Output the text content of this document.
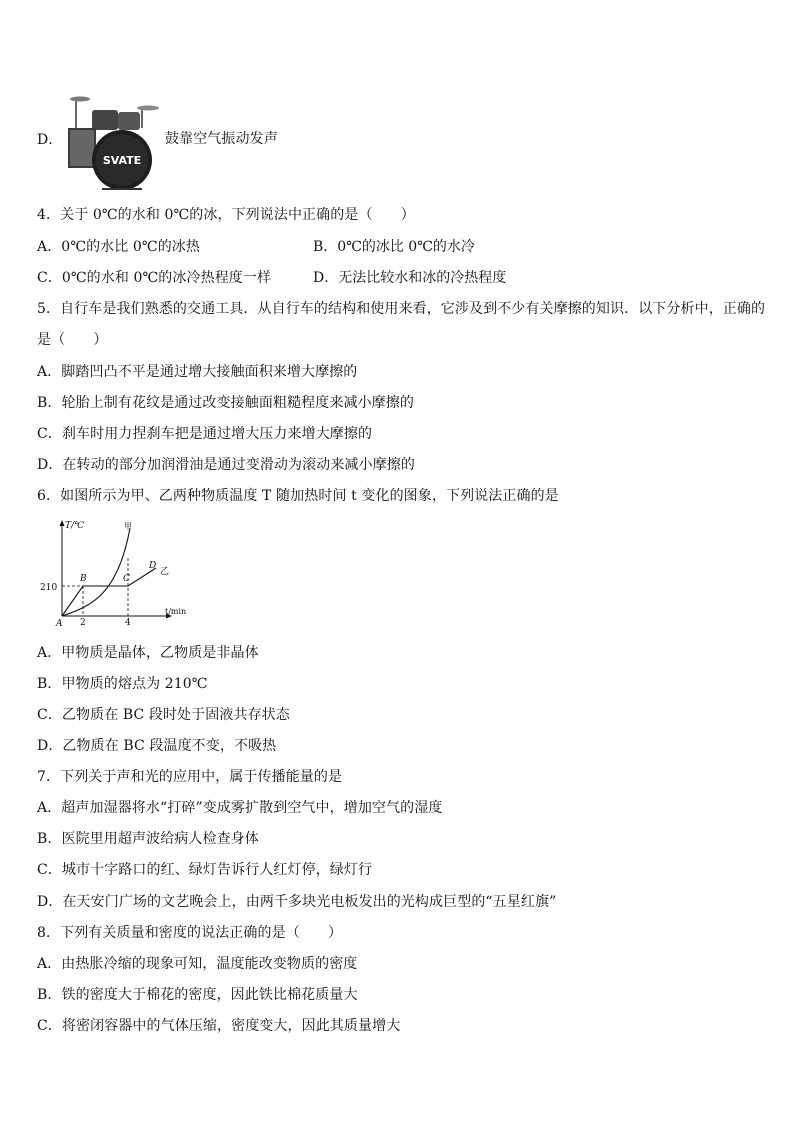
D．
SVATE
鼓靠空气振动发声
4．关于 0℃的水和 0℃的冰，下列说法中正确的是（　　）
A．0℃的水比 0℃的冰热	B．0℃的冰比 0℃的水冷
C．0℃的水和 0℃的冰冷热程度一样	D．无法比较水和冰的冷热程度
5．自行车是我们熟悉的交通工具．从自行车的结构和使用来看，它涉及到不少有关摩擦的知识．以下分析中，正确的
是（　　）
A．脚踏凹凸不平是通过增大接触面积来增大摩擦的
B．轮胎上制有花纹是通过改变接触面粗糙程度来减小摩擦的
C．刹车时用力捏刹车把是通过增大压力来增大摩擦的
D．在转动的部分加润滑油是通过变滑动为滚动来减小摩擦的
6．如图所示为甲、乙两种物质温度 T 随加热时间 t 变化的图象，下列说法正确的是
T/℃
t/min
210
2	4
A
B	C
D
甲
乙
A．甲物质是晶体，乙物质是非晶体
B．甲物质的熔点为 210℃
C．乙物质在 BC 段时处于固液共存状态
D．乙物质在 BC 段温度不变，不吸热
7．下列关于声和光的应用中，属于传播能量的是
A．超声加湿器将水“打碎”变成雾扩散到空气中，增加空气的湿度
B．医院里用超声波给病人检查身体
C．城市十字路口的红、绿灯告诉行人红灯停，绿灯行
D．在天安门广场的文艺晚会上，由两千多块光电板发出的光构成巨型的“五星红旗”
8．下列有关质量和密度的说法正确的是（　　）
A．由热胀冷缩的现象可知，温度能改变物质的密度
B．铁的密度大于棉花的密度，因此铁比棉花质量大
C．将密闭容器中的气体压缩，密度变大，因此其质量增大
